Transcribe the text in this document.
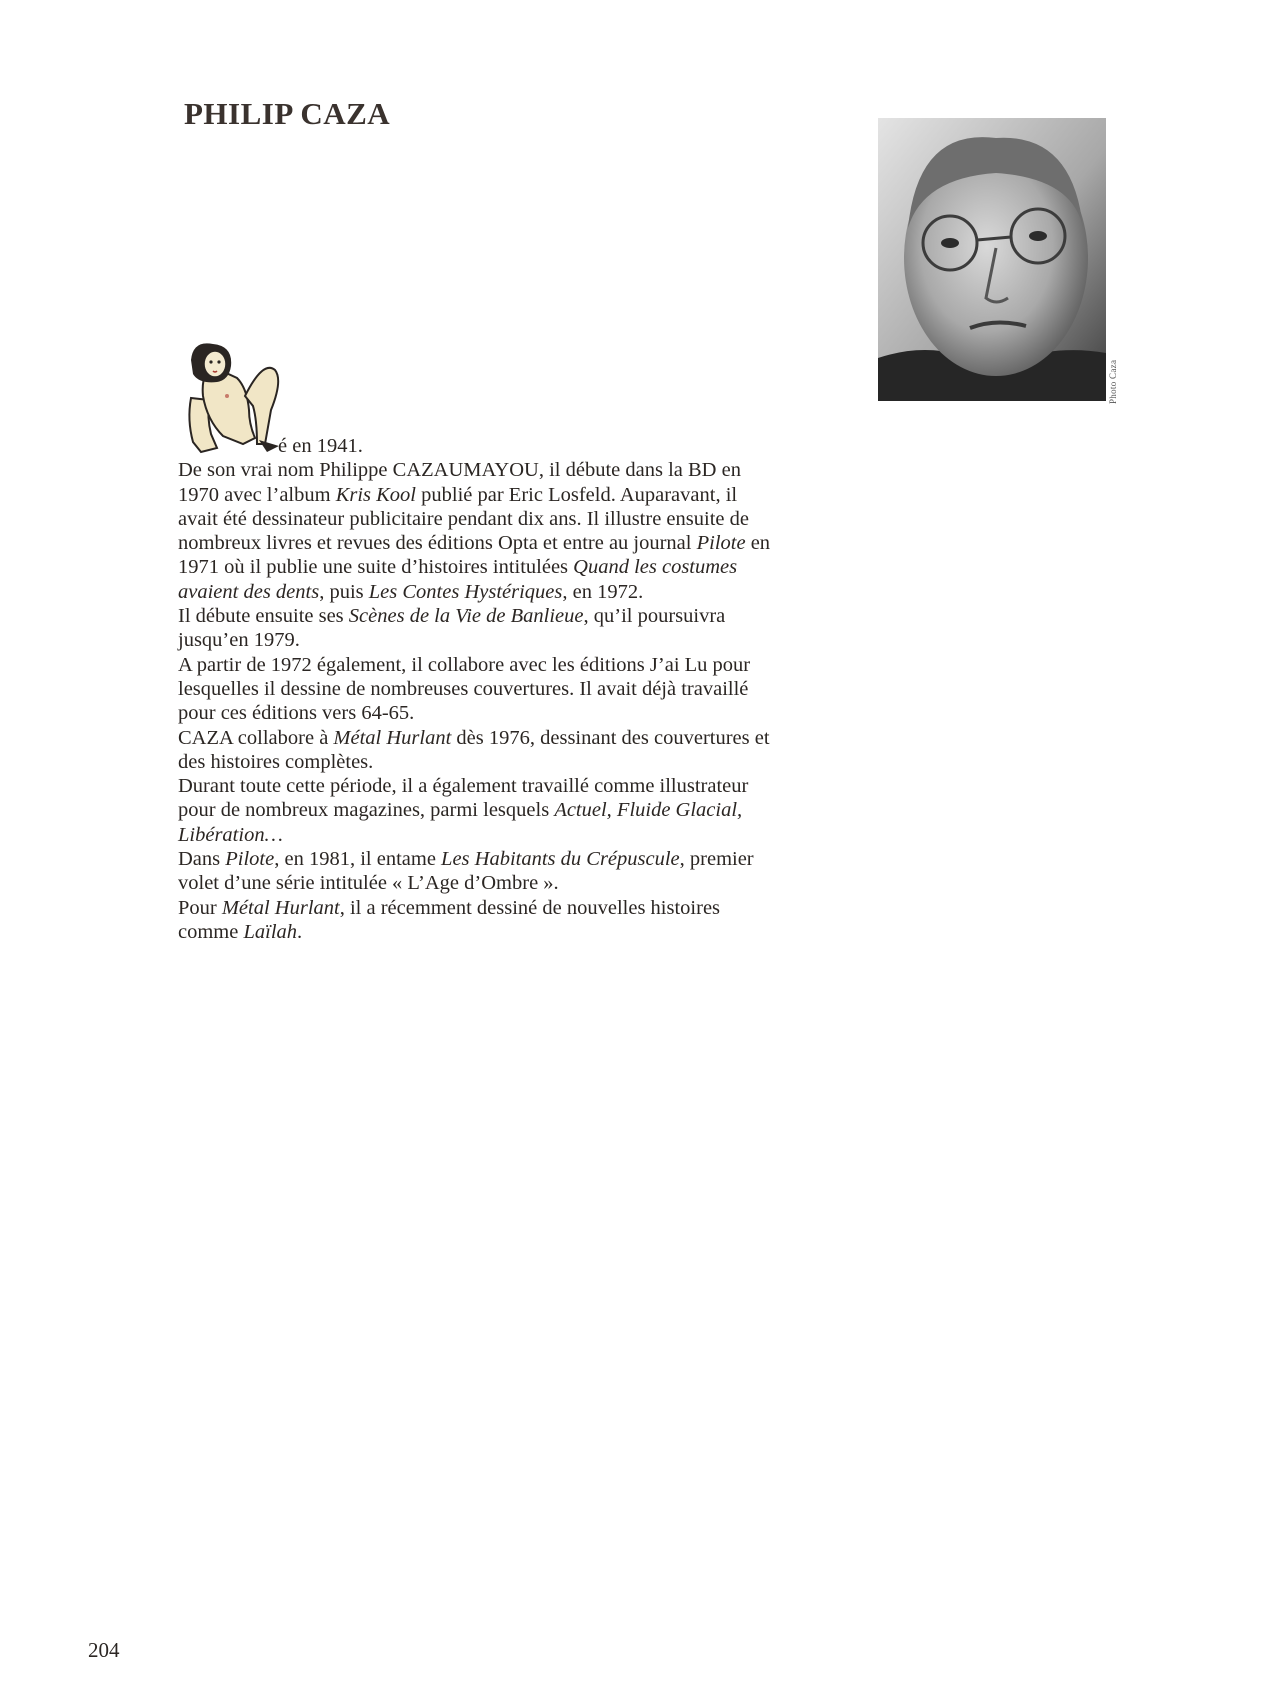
PHILIP CAZA
Photo Caza

é en 1941.

De son vrai nom Philippe CAZAUMAYOU, il débute dans la BD en 1970 avec l’album Kris Kool publié par Eric Losfeld. Auparavant, il avait été dessinateur publicitaire pendant dix ans. Il illustre ensuite de nombreux livres et revues des éditions Opta et entre au journal Pilote en 1971 où il publie une suite d’histoires intitulées Quand les costumes avaient des dents, puis Les Contes Hystériques, en 1972.

Il débute ensuite ses Scènes de la Vie de Banlieue, qu’il poursuivra jusqu’en 1979.

A partir de 1972 également, il collabore avec les éditions J’ai Lu pour lesquelles il dessine de nombreuses couvertures. Il avait déjà travaillé pour ces éditions vers 64-65.

CAZA collabore à Métal Hurlant dès 1976, dessinant des couvertures et des histoires complètes.

Durant toute cette période, il a également travaillé comme illustrateur pour de nombreux magazines, parmi lesquels Actuel, Fluide Glacial, Libération…

Dans Pilote, en 1981, il entame Les Habitants du Crépuscule, premier volet d’une série intitulée « L’Age d’Ombre ».

Pour Métal Hurlant, il a récemment dessiné de nouvelles histoires comme Laïlah.

204
